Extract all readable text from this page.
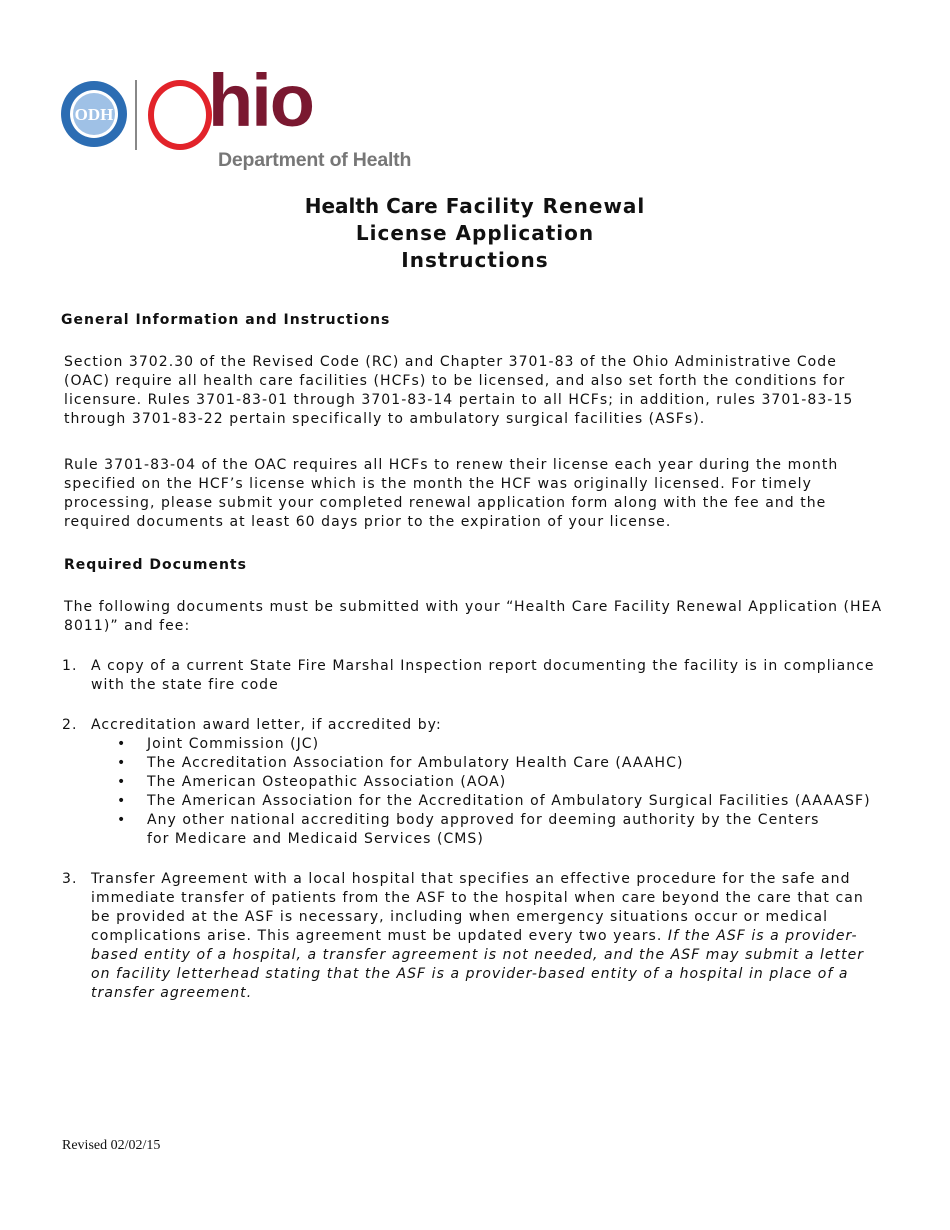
ODH hio
Department of Health
Health Care Facility Renewal
License Application
Instructions
General Information and Instructions

Section 3702.30 of the Revised Code (RC) and Chapter 3701-83 of the Ohio Administrative Code (OAC) require all health care facilities (HCFs) to be licensed, and also set forth the conditions for licensure. Rules 3701-83-01 through 3701-83-14 pertain to all HCFs; in addition, rules 3701-83-15 through 3701-83-22 pertain specifically to ambulatory surgical facilities (ASFs).

Rule 3701-83-04 of the OAC requires all HCFs to renew their license each year during the month specified on the HCF’s license which is the month the HCF was originally licensed. For timely processing, please submit your completed renewal application form along with the fee and the required documents at least 60 days prior to the expiration of your license.

Required Documents

The following documents must be submitted with your “Health Care Facility Renewal Application (HEA 8011)” and fee:

1. A copy of a current State Fire Marshal Inspection report documenting the facility is in compliance with the state fire code
2. Accreditation award letter, if accredited by:
• Joint Commission (JC)
• The Accreditation Association for Ambulatory Health Care (AAAHC)
• The American Osteopathic Association (AOA)
• The American Association for the Accreditation of Ambulatory Surgical Facilities (AAAASF)
• Any other national accrediting body approved for deeming authority by the Centers for Medicare and Medicaid Services (CMS)
3. Transfer Agreement with a local hospital that specifies an effective procedure for the safe and immediate transfer of patients from the ASF to the hospital when care beyond the care that can be provided at the ASF is necessary, including when emergency situations occur or medical complications arise. This agreement must be updated every two years. If the ASF is a provider-based entity of a hospital, a transfer agreement is not needed, and the ASF may submit a letter on facility letterhead stating that the ASF is a provider-based entity of a hospital in place of a transfer agreement.
Revised 02/02/15
